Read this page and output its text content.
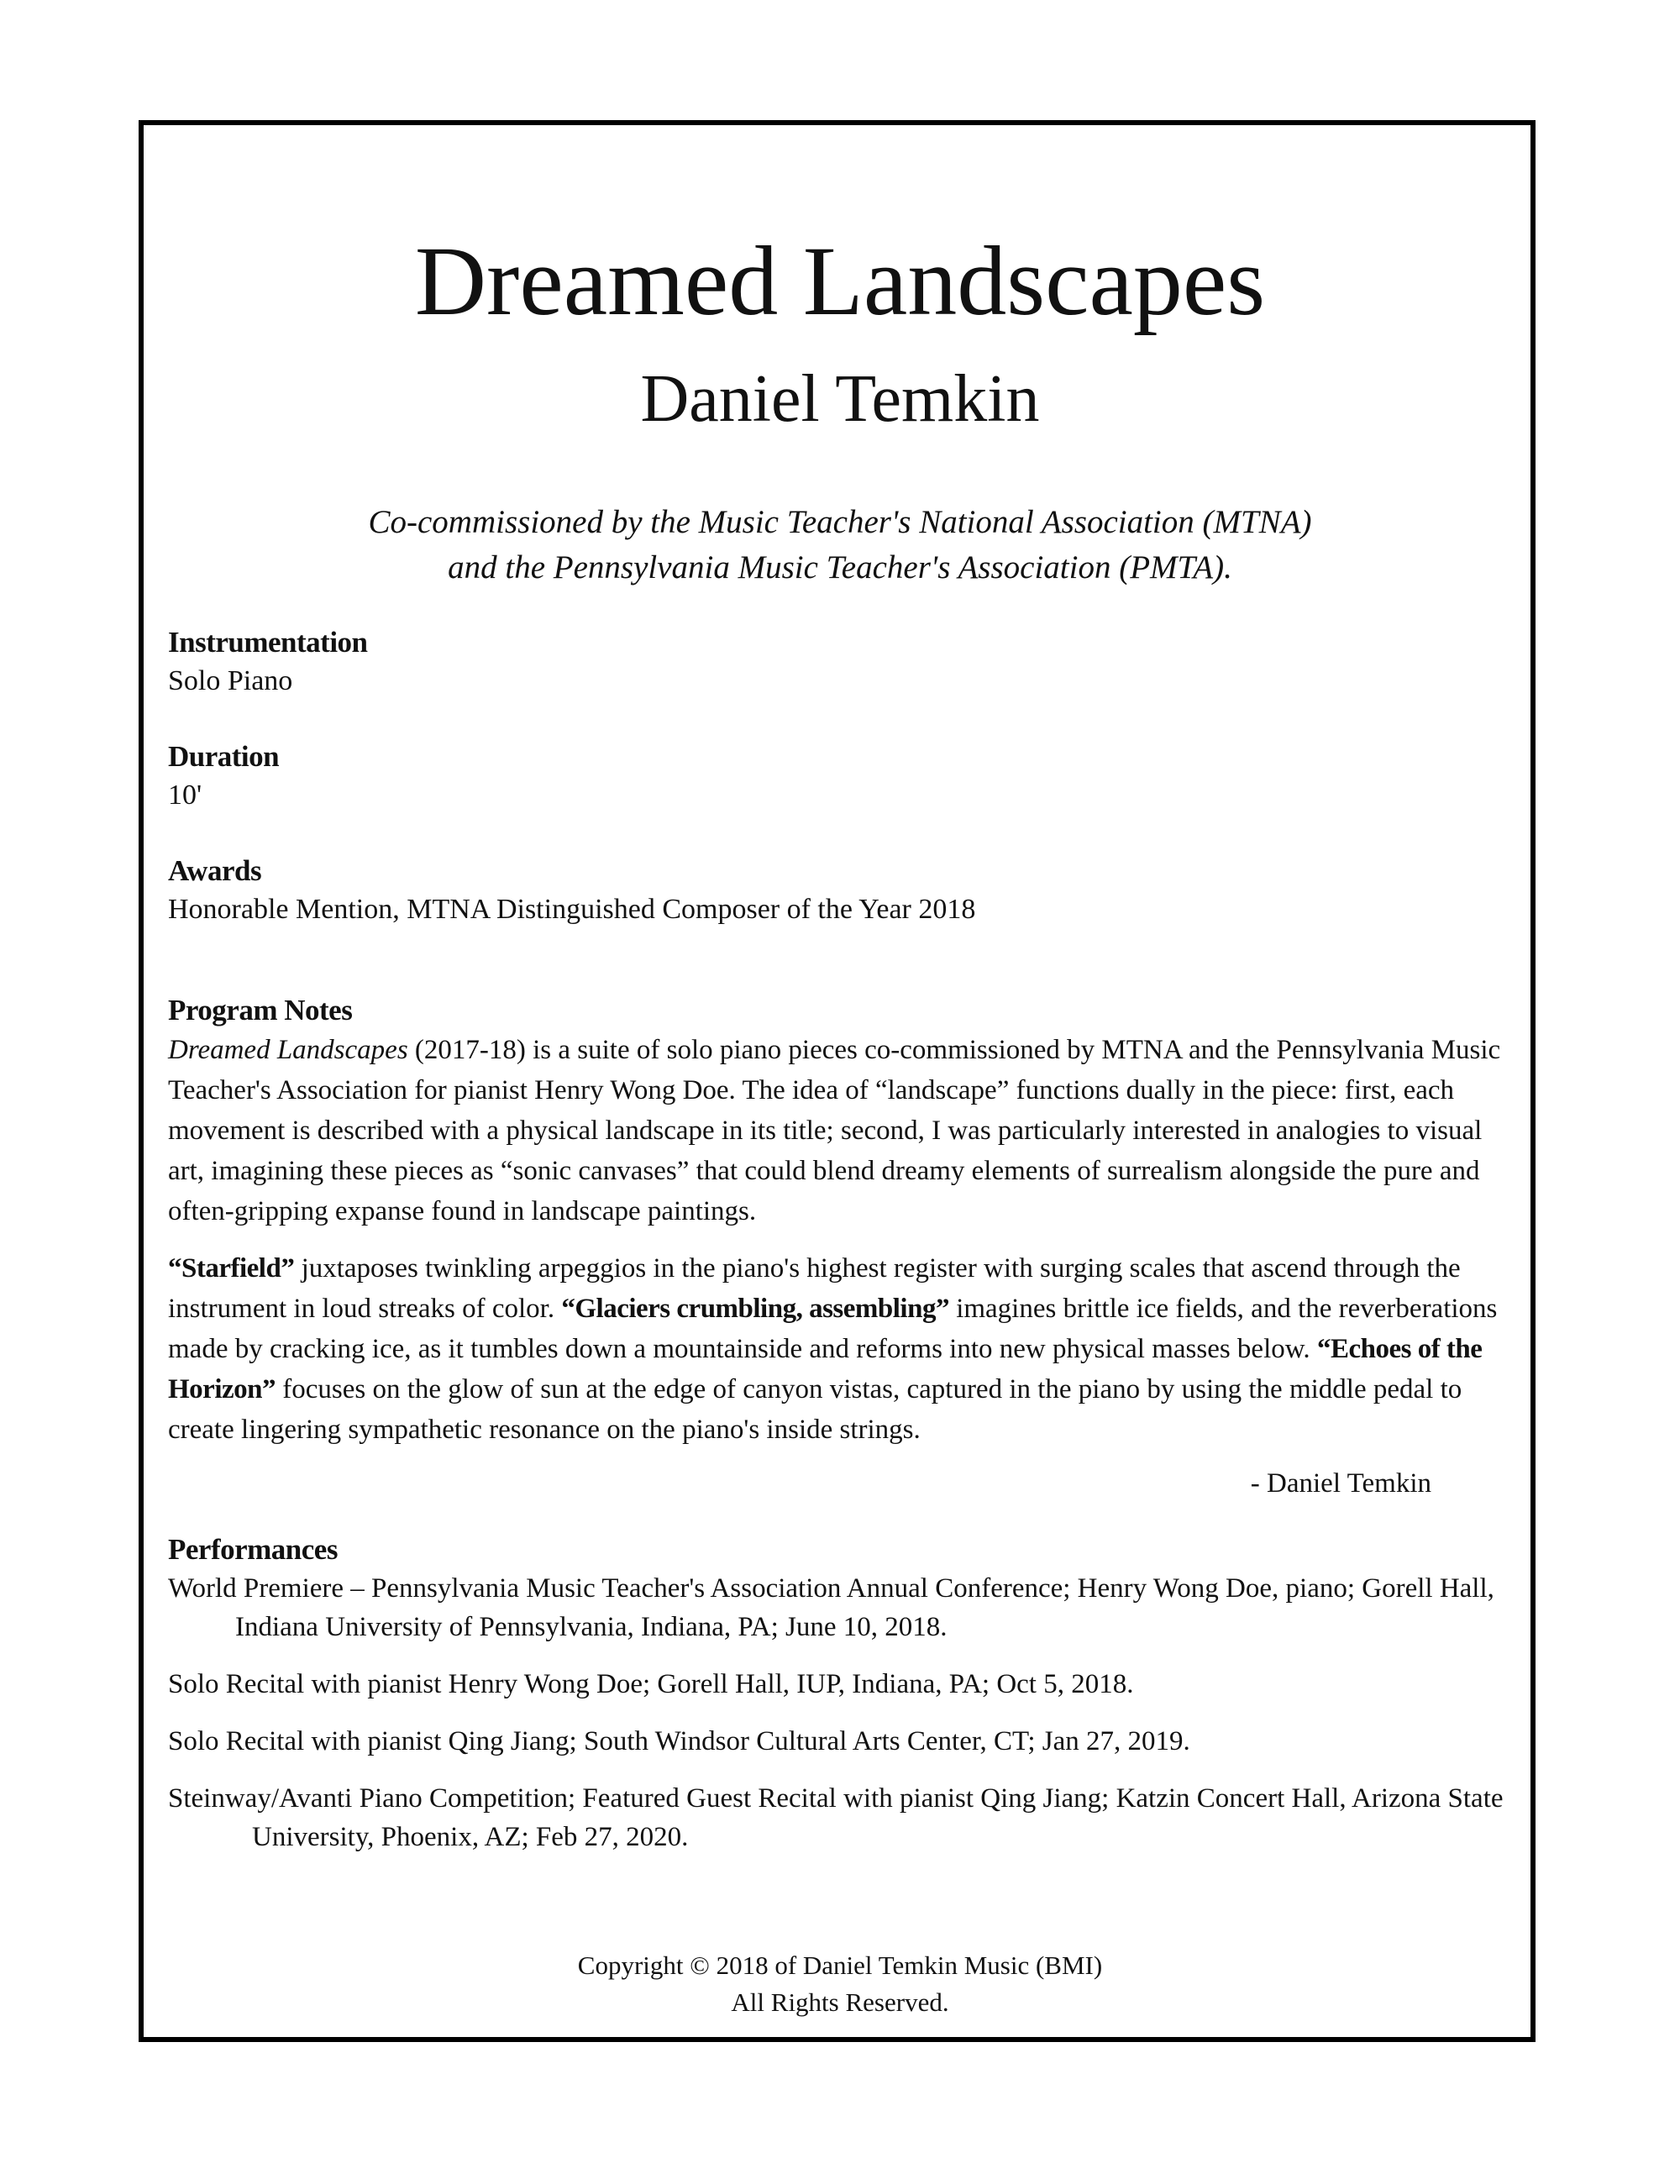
Dreamed Landscapes
Daniel Temkin
Co-commissioned by the Music Teacher's National Association (MTNA)
and the Pennsylvania Music Teacher's Association (PMTA).
Instrumentation
Solo Piano
Duration
10'
Awards
Honorable Mention, MTNA Distinguished Composer of the Year 2018
Program Notes

Dreamed Landscapes (2017-18) is a suite of solo piano pieces co-commissioned by MTNA and the Pennsylvania Music Teacher's Association for pianist Henry Wong Doe. The idea of “landscape” functions dually in the piece: first, each movement is described with a physical landscape in its title; second, I was particularly interested in analogies to visual art, imagining these pieces as “sonic canvases” that could blend dreamy elements of surrealism alongside the pure and often-gripping expanse found in landscape paintings.

“Starfield” juxtaposes twinkling arpeggios in the piano's highest register with surging scales that ascend through the instrument in loud streaks of color. “Glaciers crumbling, assembling” imagines brittle ice fields, and the reverberations made by cracking ice, as it tumbles down a mountainside and reforms into new physical masses below. “Echoes of the Horizon” focuses on the glow of sun at the edge of canyon vistas, captured in the piano by using the middle pedal to create lingering sympathetic resonance on the piano's inside strings.

- Daniel Temkin
Performances
World Premiere – Pennsylvania Music Teacher's Association Annual Conference; Henry Wong Doe, piano; Gorell Hall, Indiana University of Pennsylvania, Indiana, PA; June 10, 2018.
Solo Recital with pianist Henry Wong Doe; Gorell Hall, IUP, Indiana, PA; Oct 5, 2018.
Solo Recital with pianist Qing Jiang; South Windsor Cultural Arts Center, CT; Jan 27, 2019.
Steinway/Avanti Piano Competition; Featured Guest Recital with pianist Qing Jiang; Katzin Concert Hall, Arizona State University, Phoenix, AZ; Feb 27, 2020.
Copyright © 2018 of Daniel Temkin Music (BMI)
All Rights Reserved.
